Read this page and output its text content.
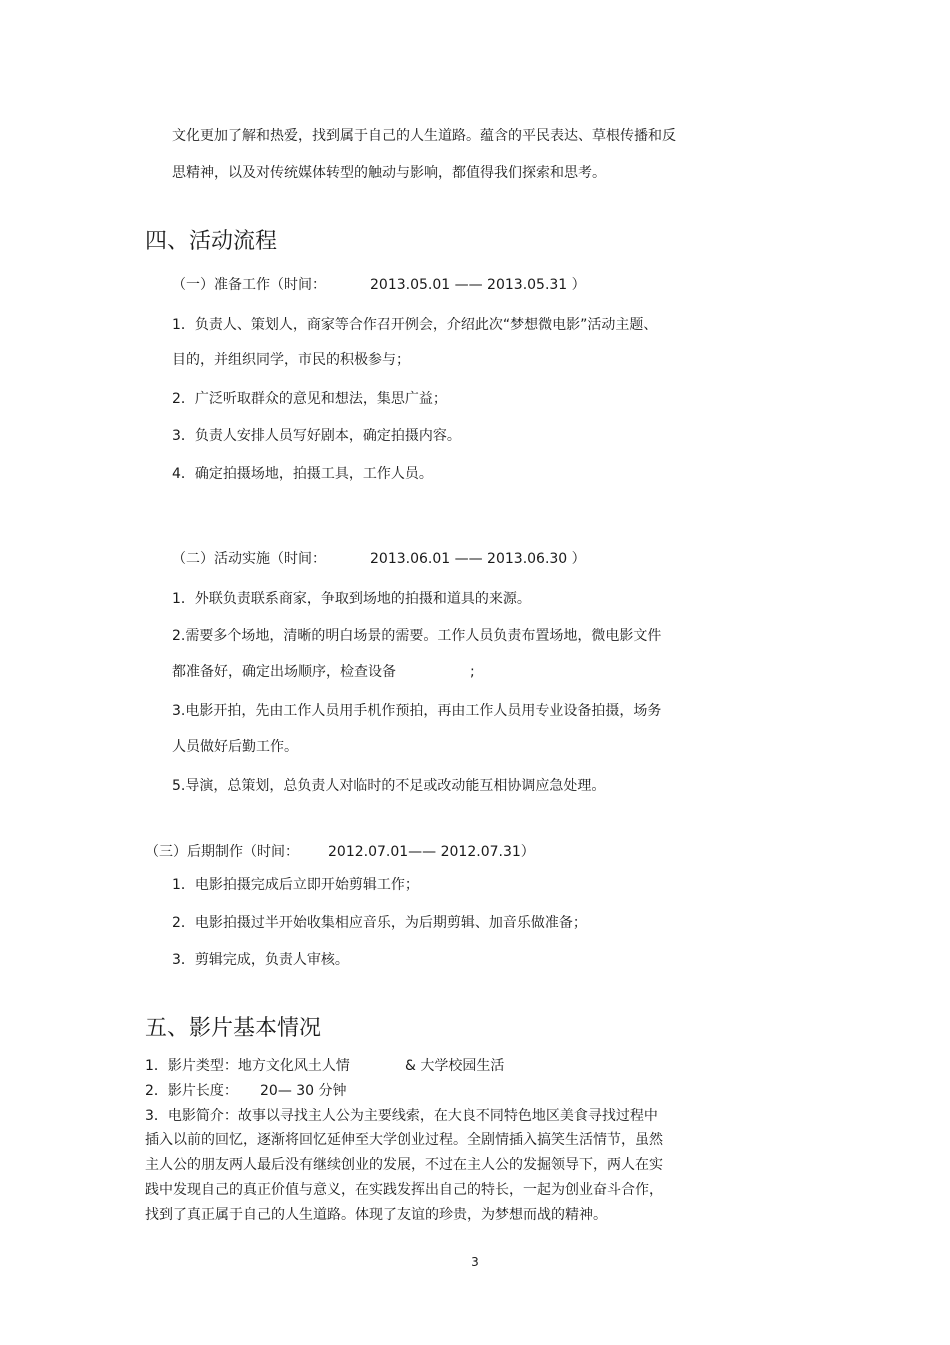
文化更加了解和热爱，找到属于自己的人生道路。蕴含的平民表达、草根传播和反
思精神，以及对传统媒体转型的触动与影响，都值得我们探索和思考。
四、活动流程
（一）准备工作（时间：	2013.05.01 —— 2013.05.31 ）
1．负责人、策划人，商家等合作召开例会，介绍此次“梦想微电影”活动主题、
目的，并组织同学，市民的积极参与；
2．广泛听取群众的意见和想法，集思广益；
3．负责人安排人员写好剧本，确定拍摄内容。
4．确定拍摄场地，拍摄工具，工作人员。
（二）活动实施（时间：	2013.06.01 —— 2013.06.30 ）
1．外联负责联系商家，争取到场地的拍摄和道具的来源。
2.需要多个场地，清晰的明白场景的需要。工作人员负责布置场地，微电影文件
都准备好，确定出场顺序，检查设备	;
3.电影开拍，先由工作人员用手机作预拍，再由工作人员用专业设备拍摄，场务
人员做好后勤工作。
5.导演，总策划，总负责人对临时的不足或改动能互相协调应急处理。
（三）后期制作（时间： 2012.07.01—— 2012.07.31）
1．电影拍摄完成后立即开始剪辑工作；
2．电影拍摄过半开始收集相应音乐，为后期剪辑、加音乐做准备；
3．剪辑完成，负责人审核。
五、影片基本情况
1．影片类型：地方文化风土人情	& 大学校园生活
2．影片长度： 20— 30 分钟
3．电影简介：故事以寻找主人公为主要线索，在大良不同特色地区美食寻找过程中
插入以前的回忆，逐渐将回忆延伸至大学创业过程。全剧情插入搞笑生活情节，虽然
主人公的朋友两人最后没有继续创业的发展，不过在主人公的发掘领导下，两人在实
践中发现自己的真正价值与意义，在实践发挥出自己的特长，一起为创业奋斗合作，
找到了真正属于自己的人生道路。体现了友谊的珍贵，为梦想而战的精神。
3
